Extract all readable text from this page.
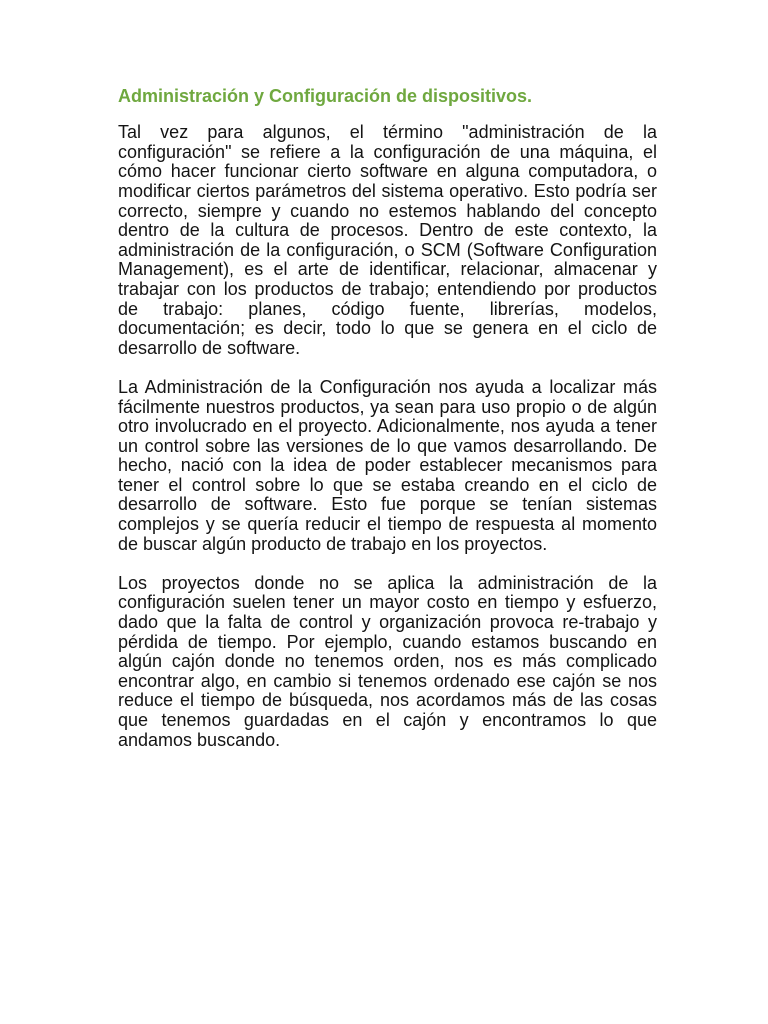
Administración y Configuración de dispositivos.
Tal vez para algunos, el término "administración de la
configuración" se refiere a la configuración de una máquina, el
cómo hacer funcionar cierto software en alguna computadora, o
modificar ciertos parámetros del sistema operativo. Esto podría ser
correcto, siempre y cuando no estemos hablando del concepto
dentro de la cultura de procesos. Dentro de este contexto, la
administración de la configuración, o SCM (Software Configuration
Management), es el arte de identificar, relacionar, almacenar y
trabajar con los productos de trabajo; entendiendo por productos
de trabajo: planes, código fuente, librerías, modelos,
documentación; es decir, todo lo que se genera en el ciclo de
desarrollo de software.
La Administración de la Configuración nos ayuda a localizar más
fácilmente nuestros productos, ya sean para uso propio o de algún
otro involucrado en el proyecto. Adicionalmente, nos ayuda a tener
un control sobre las versiones de lo que vamos desarrollando. De
hecho, nació con la idea de poder establecer mecanismos para
tener el control sobre lo que se estaba creando en el ciclo de
desarrollo de software. Esto fue porque se tenían sistemas
complejos y se quería reducir el tiempo de respuesta al momento
de buscar algún producto de trabajo en los proyectos.
Los proyectos donde no se aplica la administración de la
configuración suelen tener un mayor costo en tiempo y esfuerzo,
dado que la falta de control y organización provoca re-trabajo y
pérdida de tiempo. Por ejemplo, cuando estamos buscando en
algún cajón donde no tenemos orden, nos es más complicado
encontrar algo, en cambio si tenemos ordenado ese cajón se nos
reduce el tiempo de búsqueda, nos acordamos más de las cosas
que tenemos guardadas en el cajón y encontramos lo que
andamos buscando.
